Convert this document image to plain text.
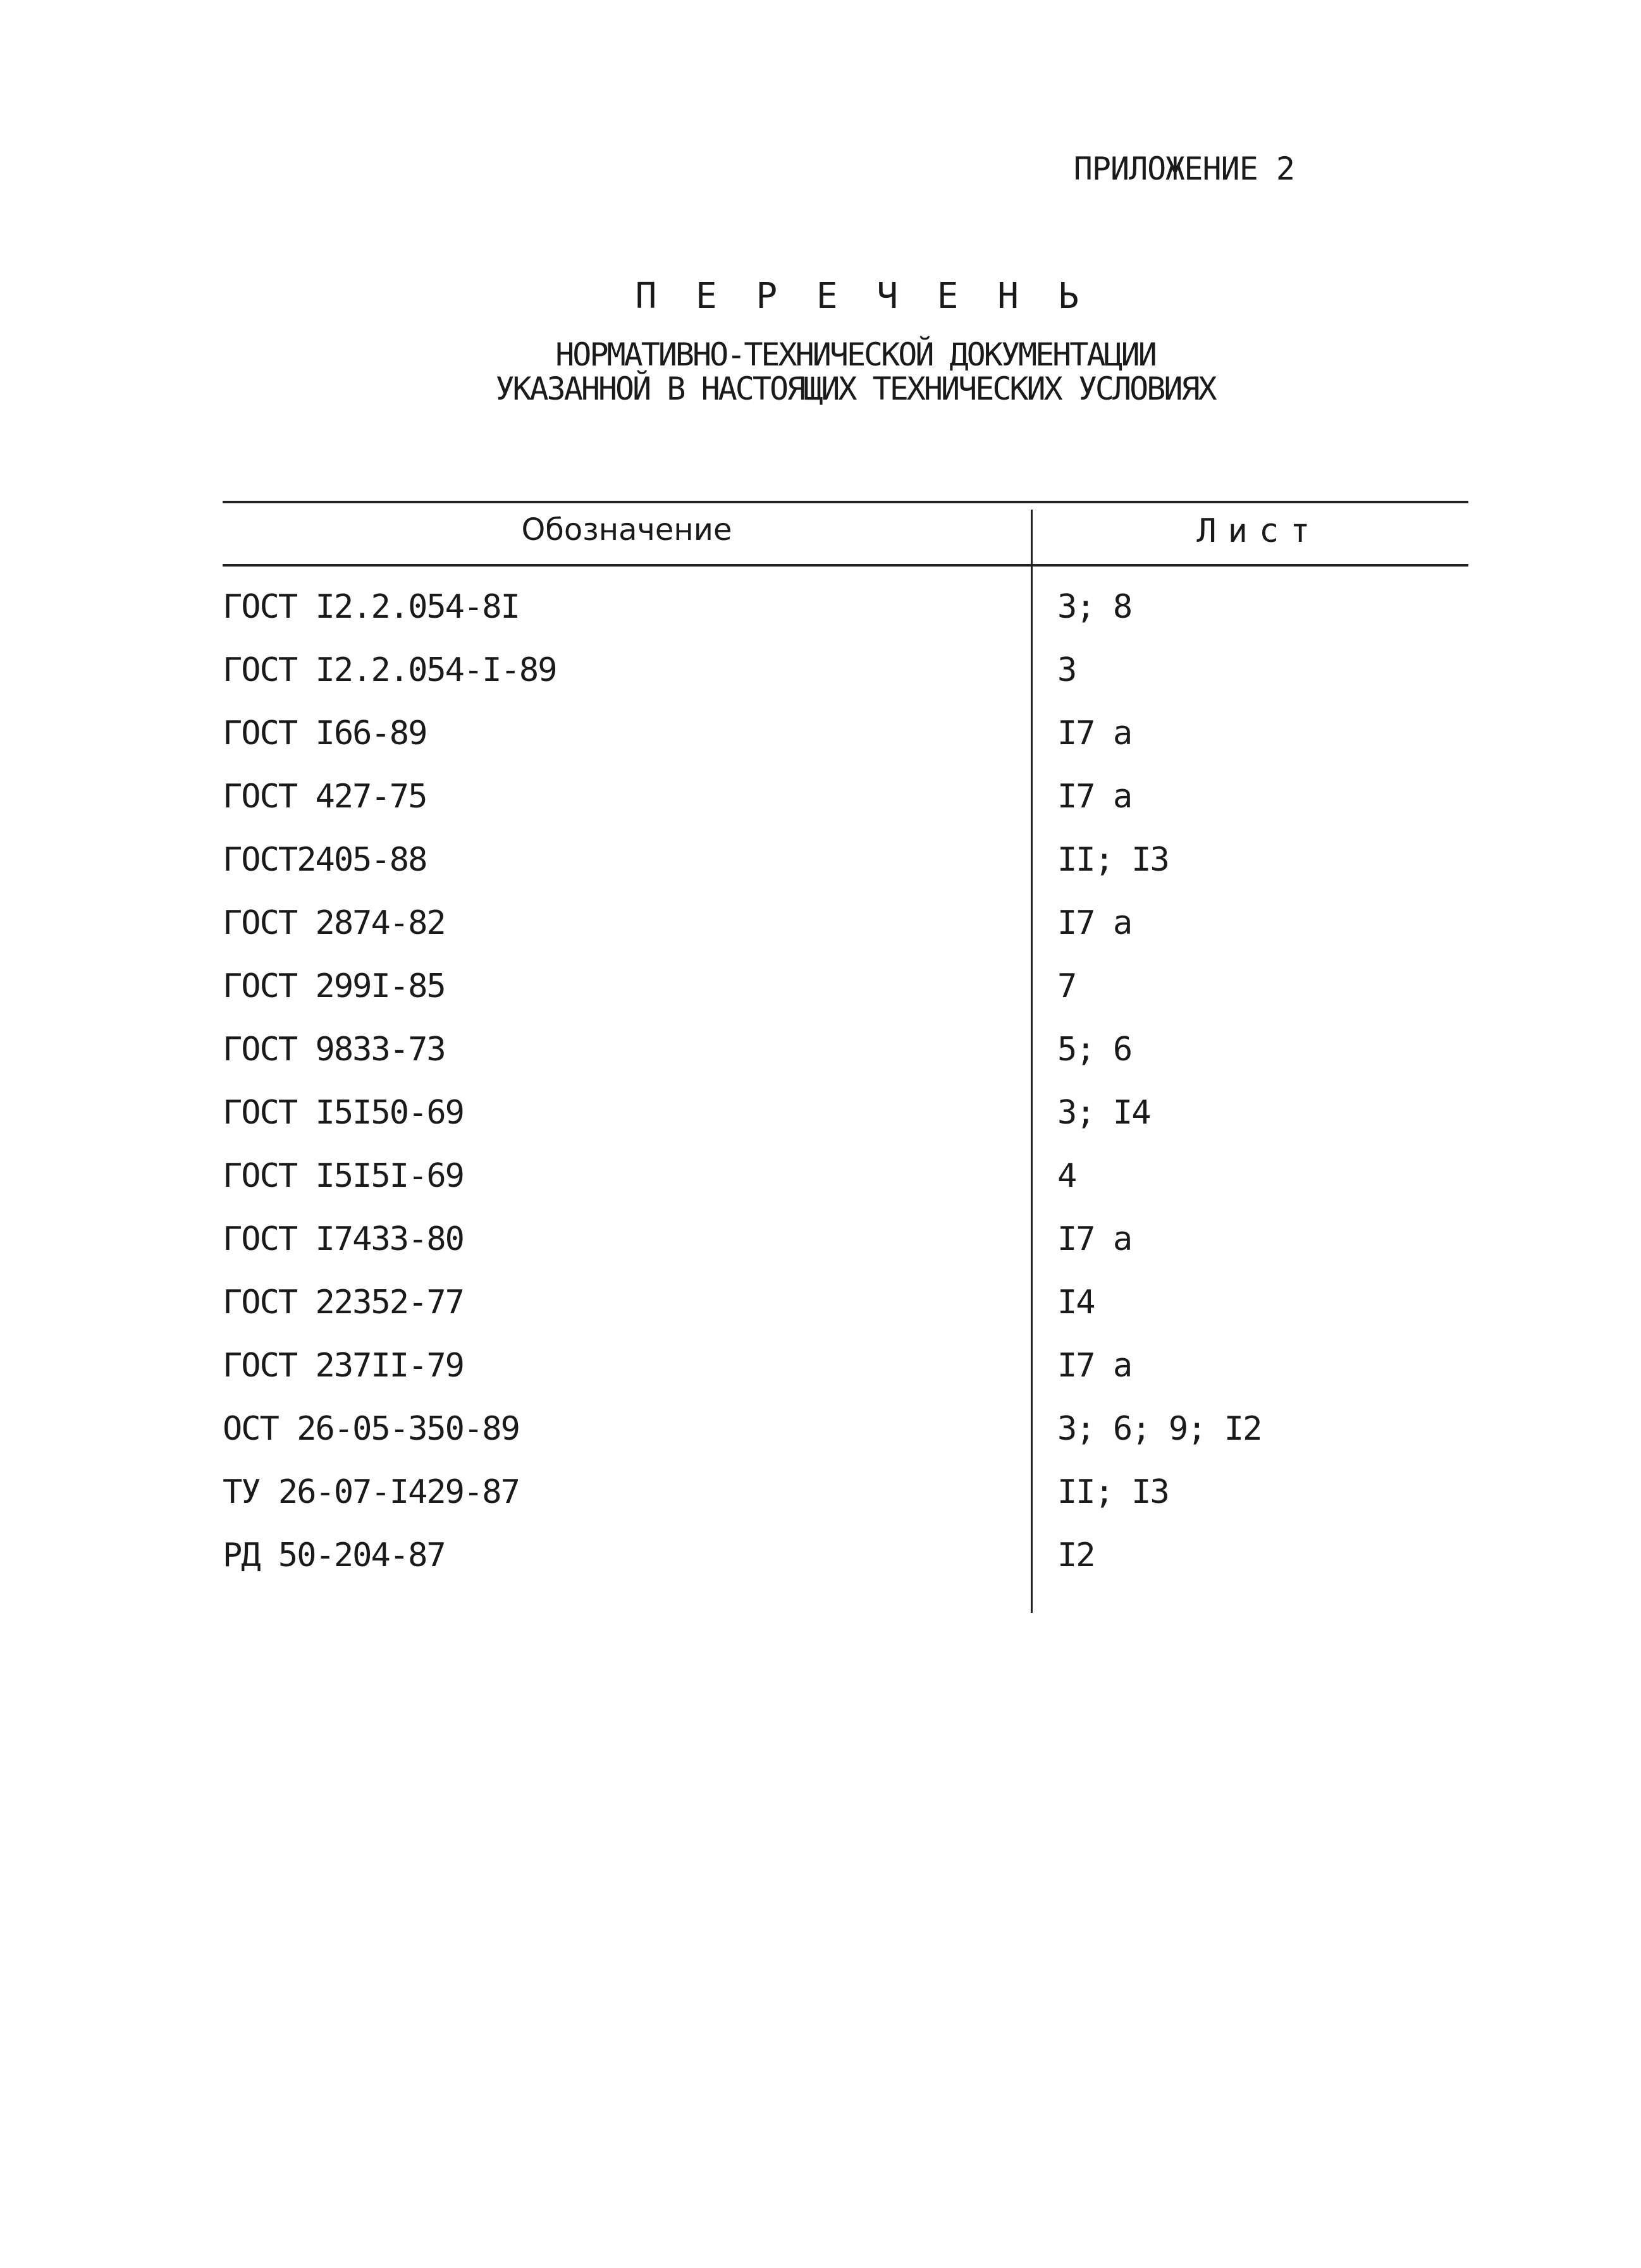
ПРИЛОЖЕНИЕ 2
П Е Р Е Ч Е Н Ь
НОРМАТИВНО-ТЕХНИЧЕСКОЙ ДОКУМЕНТАЦИИ
УКАЗАННОЙ В НАСТОЯЩИХ ТЕХНИЧЕСКИХ УСЛОВИЯХ
Обозначение	Лист
ГОСТ I2.2.054-8I	3; 8
ГОСТ I2.2.054-I-89	3
ГОСТ I66-89	I7 а
ГОСТ 427-75	I7 а
ГОСТ2405-88	II; I3
ГОСТ 2874-82	I7 а
ГОСТ 299I-85	7
ГОСТ 9833-73	5; 6
ГОСТ I5I50-69	3; I4
ГОСТ I5I5I-69	4
ГОСТ I7433-80	I7 а
ГОСТ 22352-77	I4
ГОСТ 237II-79	I7 а
ОСТ 26-05-350-89	3; 6; 9; I2
ТУ 26-07-I429-87	II; I3
РД 50-204-87	I2
